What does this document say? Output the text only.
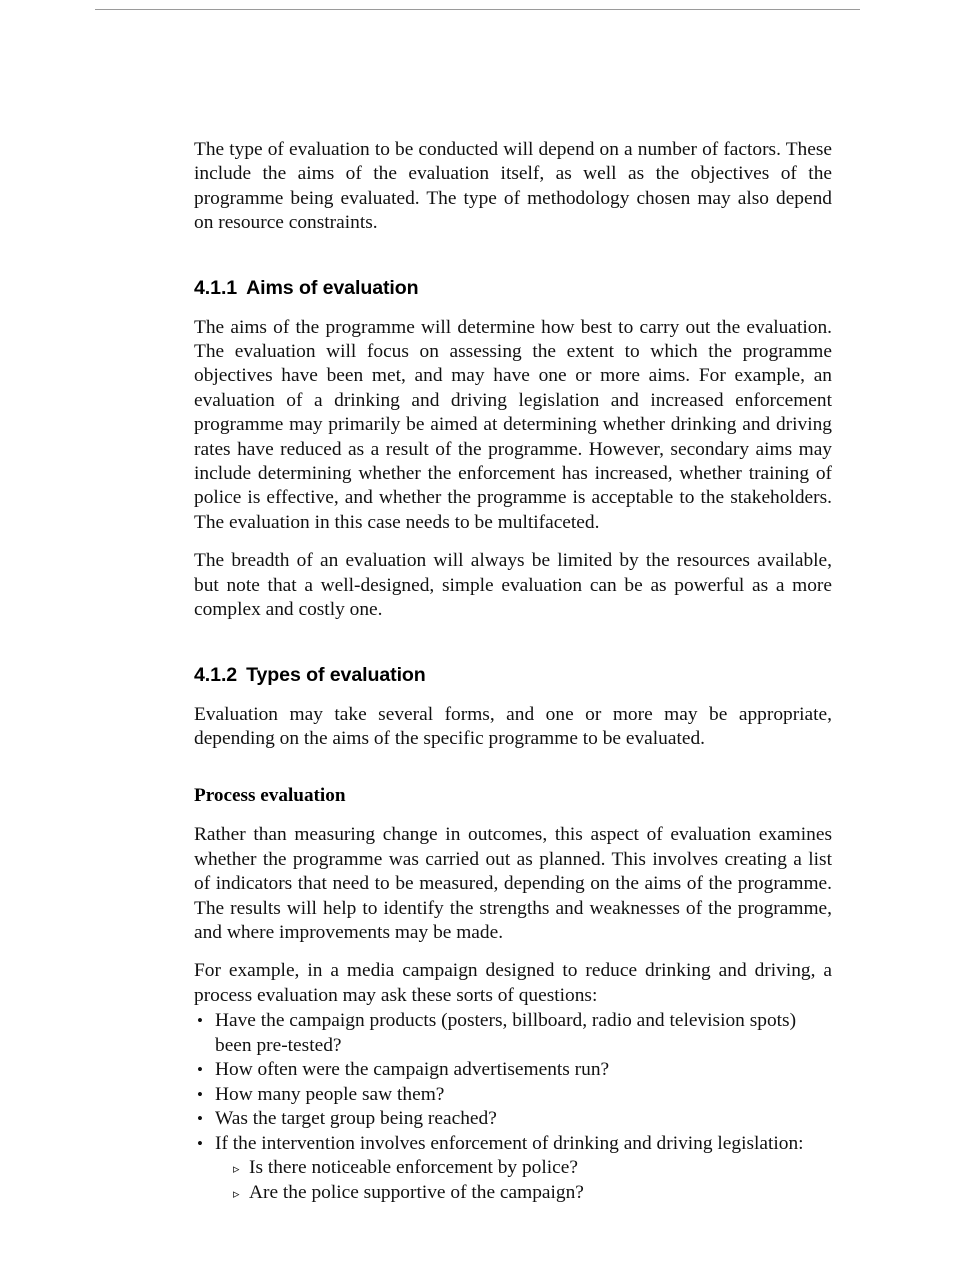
The type of evaluation to be conducted will depend on a number of factors. These include the aims of the evaluation itself, as well as the objectives of the programme being evaluated. The type of methodology chosen may also depend on resource constraints.

4.1.1 Aims of evaluation

The aims of the programme will determine how best to carry out the evaluation. The evaluation will focus on assessing the extent to which the programme objectives have been met, and may have one or more aims. For example, an evaluation of a drinking and driving legislation and increased enforcement programme may primarily be aimed at determining whether drinking and driving rates have reduced as a result of the programme. However, secondary aims may include determining whether the enforcement has increased, whether training of police is effective, and whether the programme is acceptable to the stakeholders. The evaluation in this case needs to be multifaceted.

The breadth of an evaluation will always be limited by the resources available, but note that a well-designed, simple evaluation can be as powerful as a more complex and costly one.

4.1.2 Types of evaluation

Evaluation may take several forms, and one or more may be appropriate, depending on the aims of the specific programme to be evaluated.

Process evaluation

Rather than measuring change in outcomes, this aspect of evaluation examines whether the programme was carried out as planned. This involves creating a list of indicators that need to be measured, depending on the aims of the programme. The results will help to identify the strengths and weaknesses of the programme, and where improvements may be made.

For example, in a media campaign designed to reduce drinking and driving, a process evaluation may ask these sorts of questions:

• Have the campaign products (posters, billboard, radio and television spots) been pre-tested?
• How often were the campaign advertisements run?
• How many people saw them?
• Was the target group being reached?
• If the intervention involves enforcement of drinking and driving legislation:
▹ Is there noticeable enforcement by police?
▹ Are the police supportive of the campaign?
